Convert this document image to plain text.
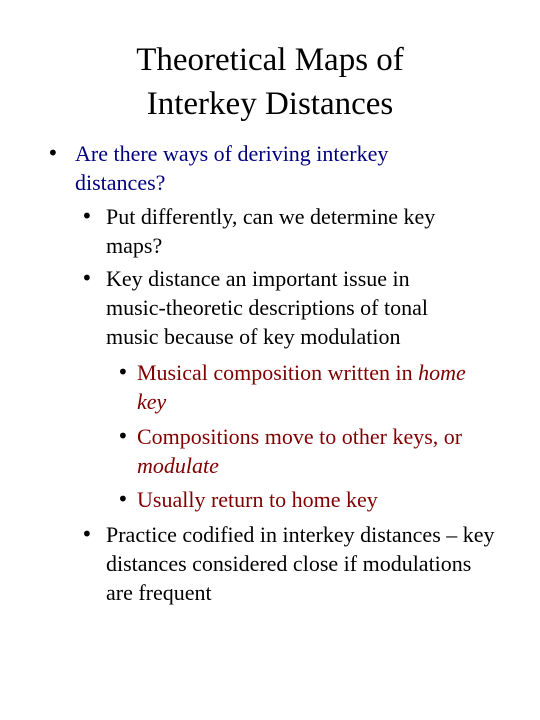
Theoretical Maps of
Interkey Distances
• Are there ways of deriving interkey distances?
• Put differently, can we determine key maps?
• Key distance an important issue in music-theoretic descriptions of tonal music because of key modulation
• Musical composition written in home key
• Compositions move to other keys, or modulate
• Usually return to home key
• Practice codified in interkey distances – key distances considered close if modulations are frequent
